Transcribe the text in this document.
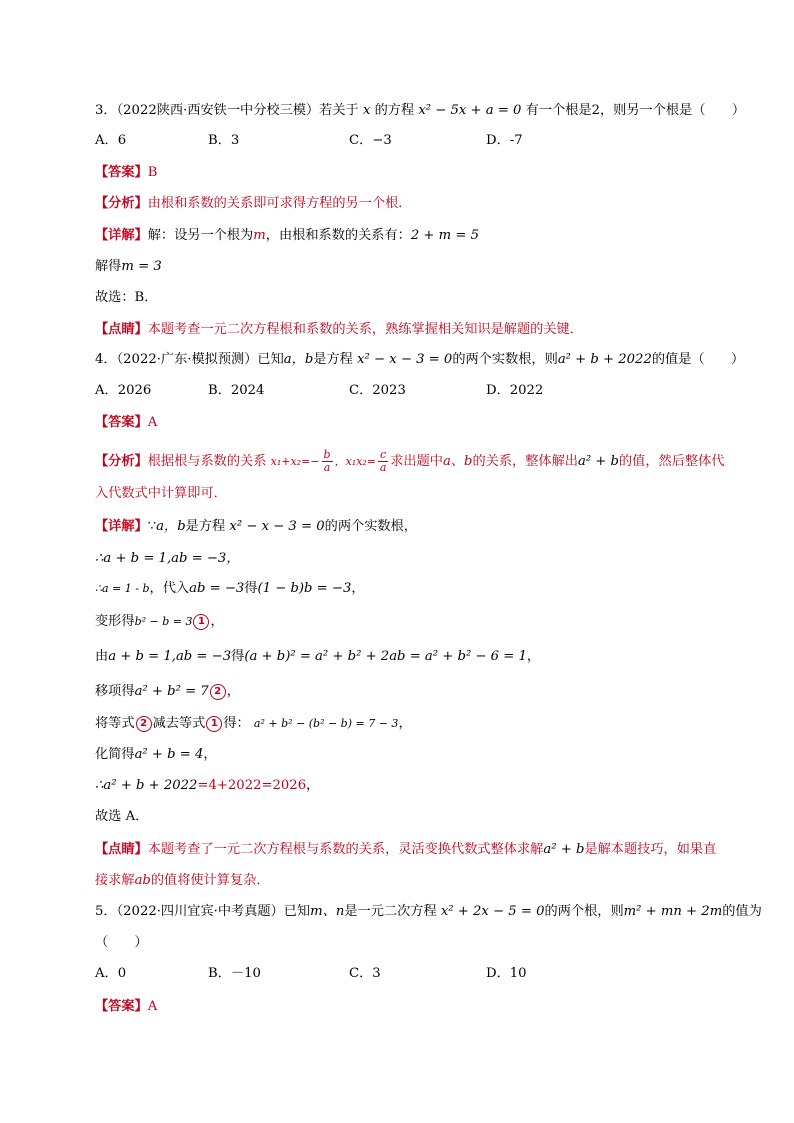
3．（2022陕西·西安铁一中分校三模）若关于 x 的方程 x² − 5x + a = 0 有一个根是2，则另一个根是（　　）
A．6	B．3	C．−3	D．-7
【答案】B
【分析】由根和系数的关系即可求得方程的另一个根．
【详解】解：设另一个根为m，由根和系数的关系有：2 + m = 5
解得m = 3
故选：B．
【点睛】本题考查一元二次方程根和系数的关系，熟练掌握相关知识是解题的关键．
4．（2022·广东·模拟预测）已知a，b是方程 x² − x − 3 = 0的两个实数根，则a² + b + 2022的值是（　　）
A．2026	B．2024	C．2023	D．2022
【答案】A
【分析】根据根与系数的关系 $x_1+x_2=- \frac{b}{a}$ ，$x_1x_2= \frac{c}{a}$ 求出题中a、b的关系，整体解出a² + b的值，然后整体代
入代数式中计算即可．
【详解】∵a，b是方程 x² − x − 3 = 0的两个实数根，
∴a + b = 1,ab = −3，
∴a = 1 - b，代入ab = −3得(1 − b)b = −3，
变形得b² − b = 3 1 ，
由a + b = 1,ab = −3得(a + b)² = a² + b² + 2ab = a² + b² − 6 = 1，
移项得a² + b² = 7 2 ，
将等式 2 减去等式 1 得： a² + b² − (b² − b) = 7 − 3，
化简得a² + b = 4，
∴a² + b + 2022=4+2022=2026，
故选 A．
【点睛】本题考查了一元二次方程根与系数的关系，灵活变换代数式整体求解a² + b是解本题技巧，如果直
接求解ab的值将使计算复杂．
5．（2022·四川宜宾·中考真题）已知m、n是一元二次方程 x² + 2x − 5 = 0的两个根，则m² + mn + 2m的值为
（　　）
A．0	B．－10	C．3	D．10
【答案】A
